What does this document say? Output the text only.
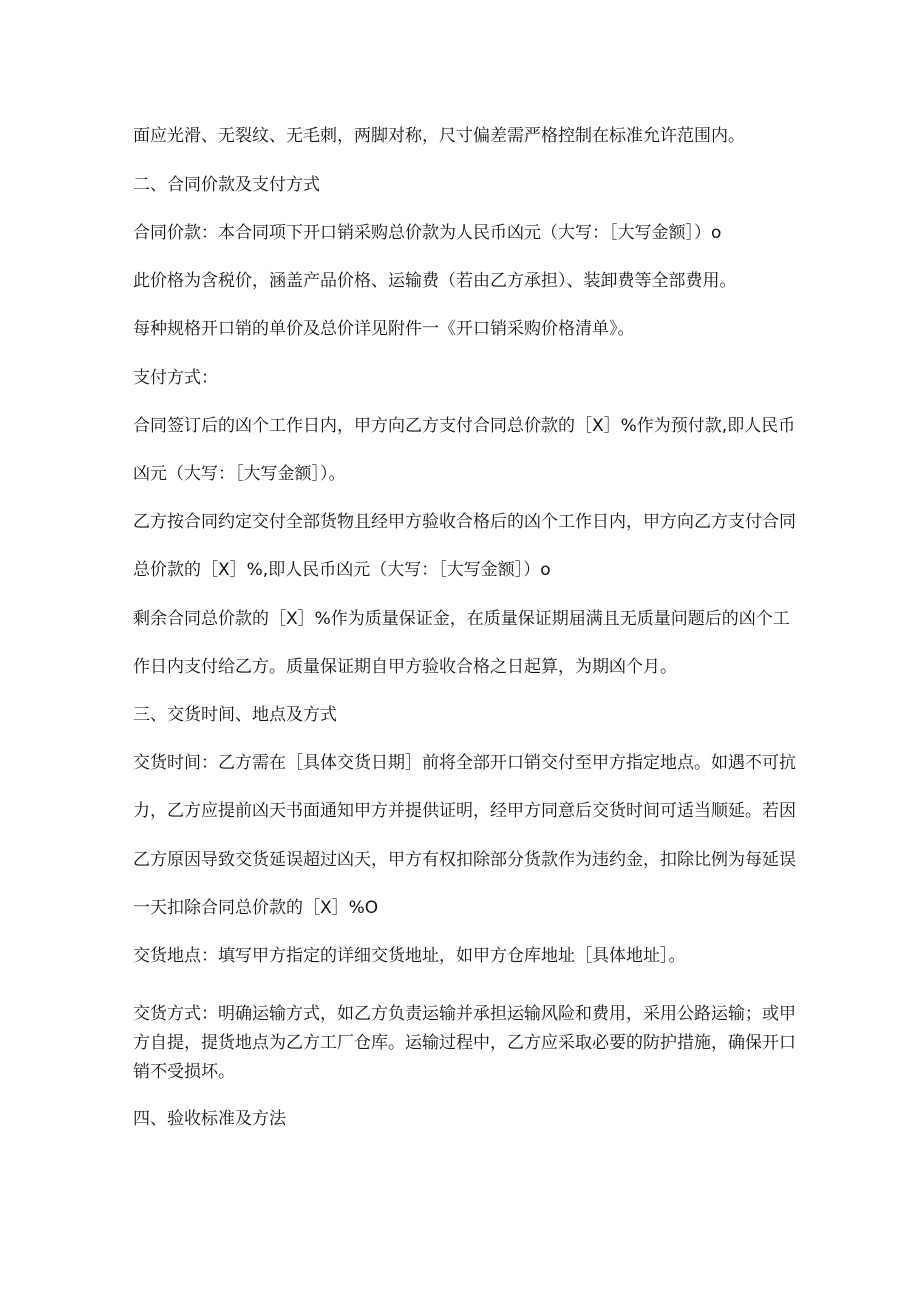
面应光滑、无裂纹、无毛刺，两脚对称，尺寸偏差需严格控制在标准允许范围内。
二、合同价款及支付方式
合同价款：本合同项下开口销采购总价款为人民币凶元（大写：［大写金额］）o
此价格为含税价，涵盖产品价格、运输费（若由乙方承担）、装卸费等全部费用。
每种规格开口销的单价及总价详见附件一《开口销采购价格清单》。
支付方式：
合同签订后的凶个工作日内，甲方向乙方支付合同总价款的［X］%作为预付款,即人民币
凶元（大写：［大写金额］）。
乙方按合同约定交付全部货物且经甲方验收合格后的凶个工作日内，甲方向乙方支付合同
总价款的［X］%,即人民币凶元（大写：［大写金额］）o
剩余合同总价款的［X］%作为质量保证金，在质量保证期届满且无质量问题后的凶个工
作日内支付给乙方。质量保证期自甲方验收合格之日起算，为期凶个月。
三、交货时间、地点及方式
交货时间：乙方需在［具体交货日期］前将全部开口销交付至甲方指定地点。如遇不可抗
力，乙方应提前凶天书面通知甲方并提供证明，经甲方同意后交货时间可适当顺延。若因
乙方原因导致交货延误超过凶天，甲方有权扣除部分货款作为违约金，扣除比例为每延误
一天扣除合同总价款的［X］%O
交货地点：填写甲方指定的详细交货地址，如甲方仓库地址［具体地址］。
交货方式：明确运输方式，如乙方负责运输并承担运输风险和费用，采用公路运输；或甲
方自提，提货地点为乙方工厂仓库。运输过程中，乙方应采取必要的防护措施，确保开口
销不受损坏。
四、验收标准及方法
